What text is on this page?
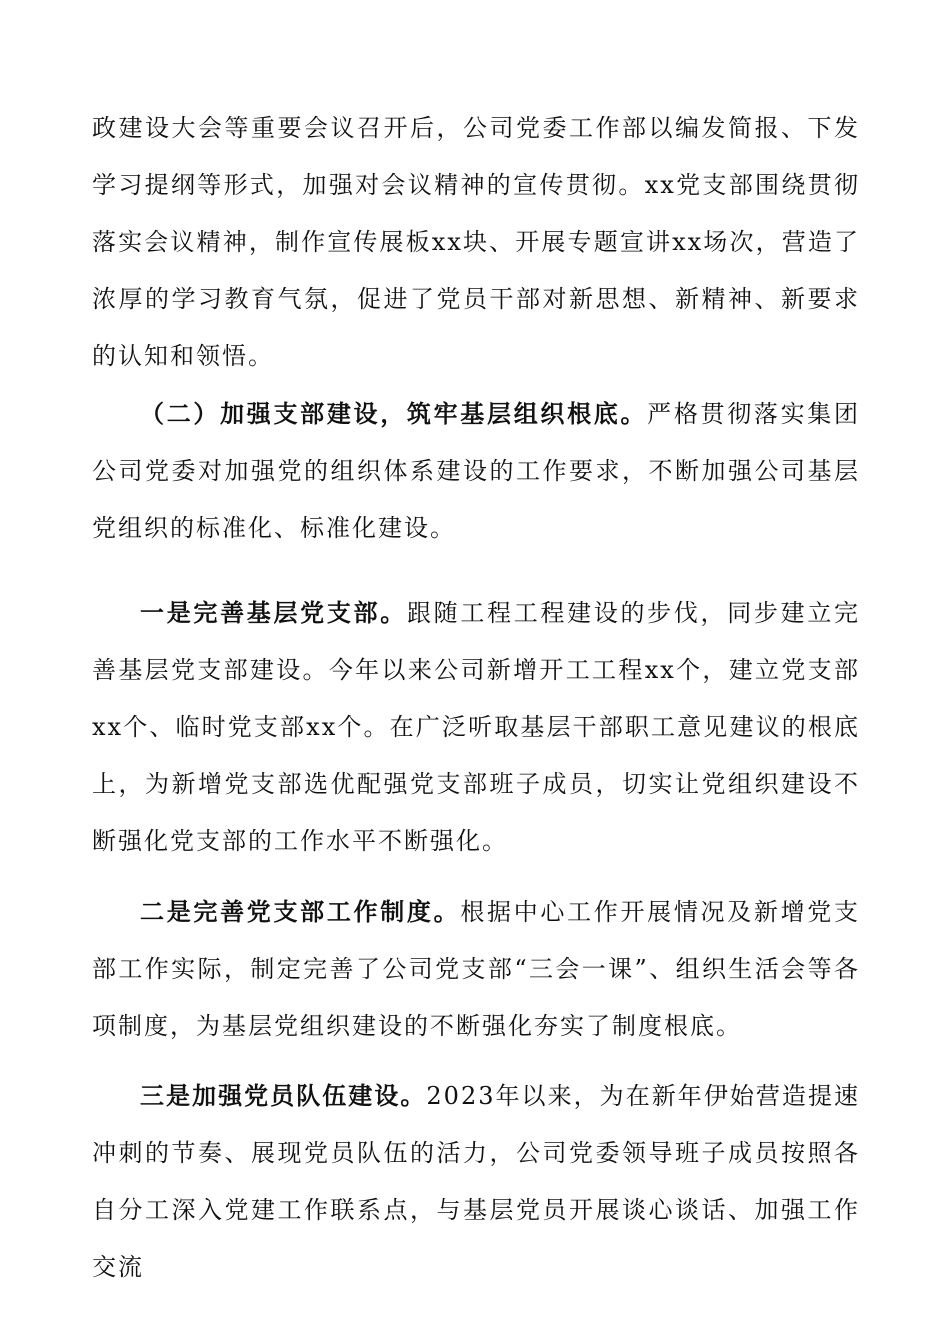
政建设大会等重要会议召开后，公司党委工作部以编发简报、下发学习提纲等形式，加强对会议精神的宣传贯彻。xx党支部围绕贯彻落实会议精神，制作宣传展板xx块、开展专题宣讲xx场次，营造了浓厚的学习教育气氛，促进了党员干部对新思想、新精神、新要求的认知和领悟。

（二）加强支部建设，筑牢基层组织根底。严格贯彻落实集团公司党委对加强党的组织体系建设的工作要求，不断加强公司基层党组织的标准化、标准化建设。

一是完善基层党支部。跟随工程工程建设的步伐，同步建立完善基层党支部建设。今年以来公司新增开工工程xx个，建立党支部xx个、临时党支部xx个。在广泛听取基层干部职工意见建议的根底上，为新增党支部选优配强党支部班子成员，切实让党组织建设不断强化党支部的工作水平不断强化。

二是完善党支部工作制度。根据中心工作开展情况及新增党支部工作实际，制定完善了公司党支部“三会一课”、组织生活会等各项制度，为基层党组织建设的不断强化夯实了制度根底。

三是加强党员队伍建设。2023年以来，为在新年伊始营造提速冲刺的节奏、展现党员队伍的活力，公司党委领导班子成员按照各自分工深入党建工作联系点，与基层党员开展谈心谈话、加强工作交流
